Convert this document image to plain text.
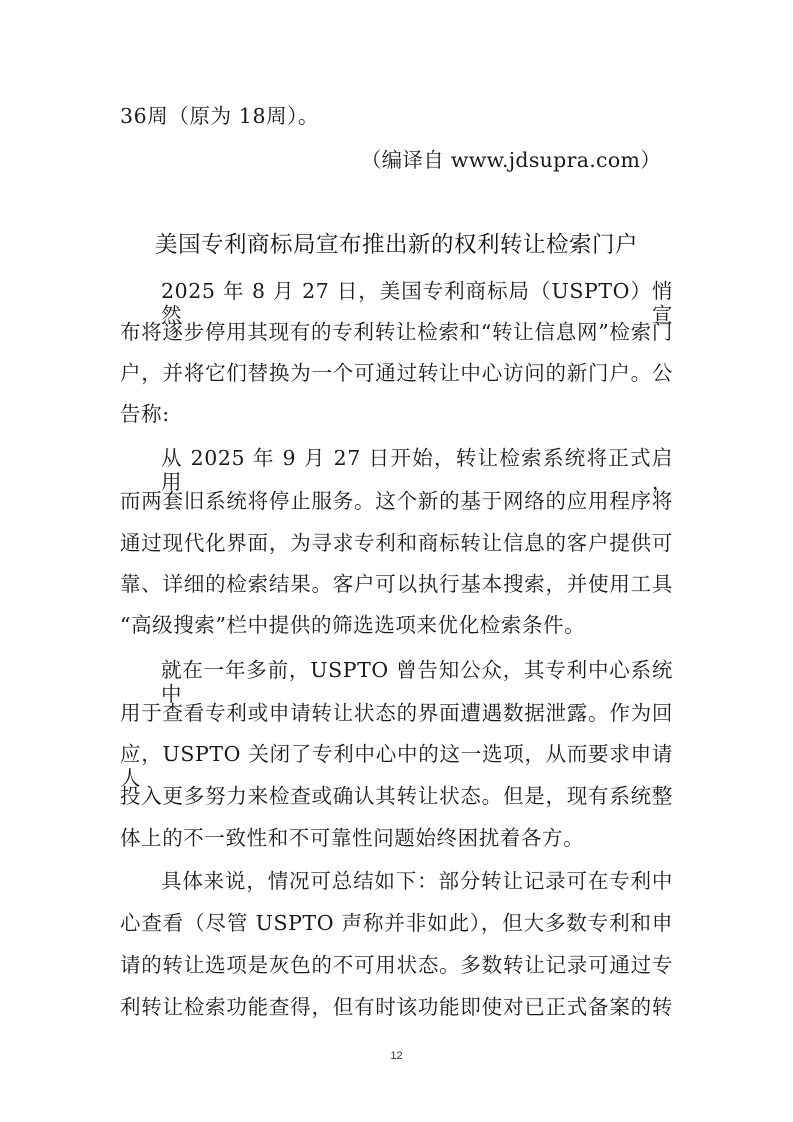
36周（原为 18周）。
（编译自 www.jdsupra.com）
美国专利商标局宣布推出新的权利转让检索门户
2025 年 8 月 27 日，美国专利商标局（USPTO）悄然宣
布将逐步停用其现有的专利转让检索和“转让信息网”检索门
户，并将它们替换为一个可通过转让中心访问的新门户。公
告称:
从 2025 年 9 月 27 日开始，转让检索系统将正式启用，
而两套旧系统将停止服务。这个新的基于网络的应用程序将
通过现代化界面，为寻求专利和商标转让信息的客户提供可
靠、详细的检索结果。客户可以执行基本搜索，并使用工具
“高级搜索”栏中提供的筛选选项来优化检索条件。
就在一年多前，USPTO 曾告知公众，其专利中心系统中
用于查看专利或申请转让状态的界面遭遇数据泄露。作为回
应，USPTO 关闭了专利中心中的这一选项，从而要求申请人
投入更多努力来检查或确认其转让状态。但是，现有系统整
体上的不一致性和不可靠性问题始终困扰着各方。
具体来说，情况可总结如下：部分转让记录可在专利中
心查看（尽管 USPTO 声称并非如此），但大多数专利和申
请的转让选项是灰色的不可用状态。多数转让记录可通过专
利转让检索功能查得，但有时该功能即使对已正式备案的转
12
